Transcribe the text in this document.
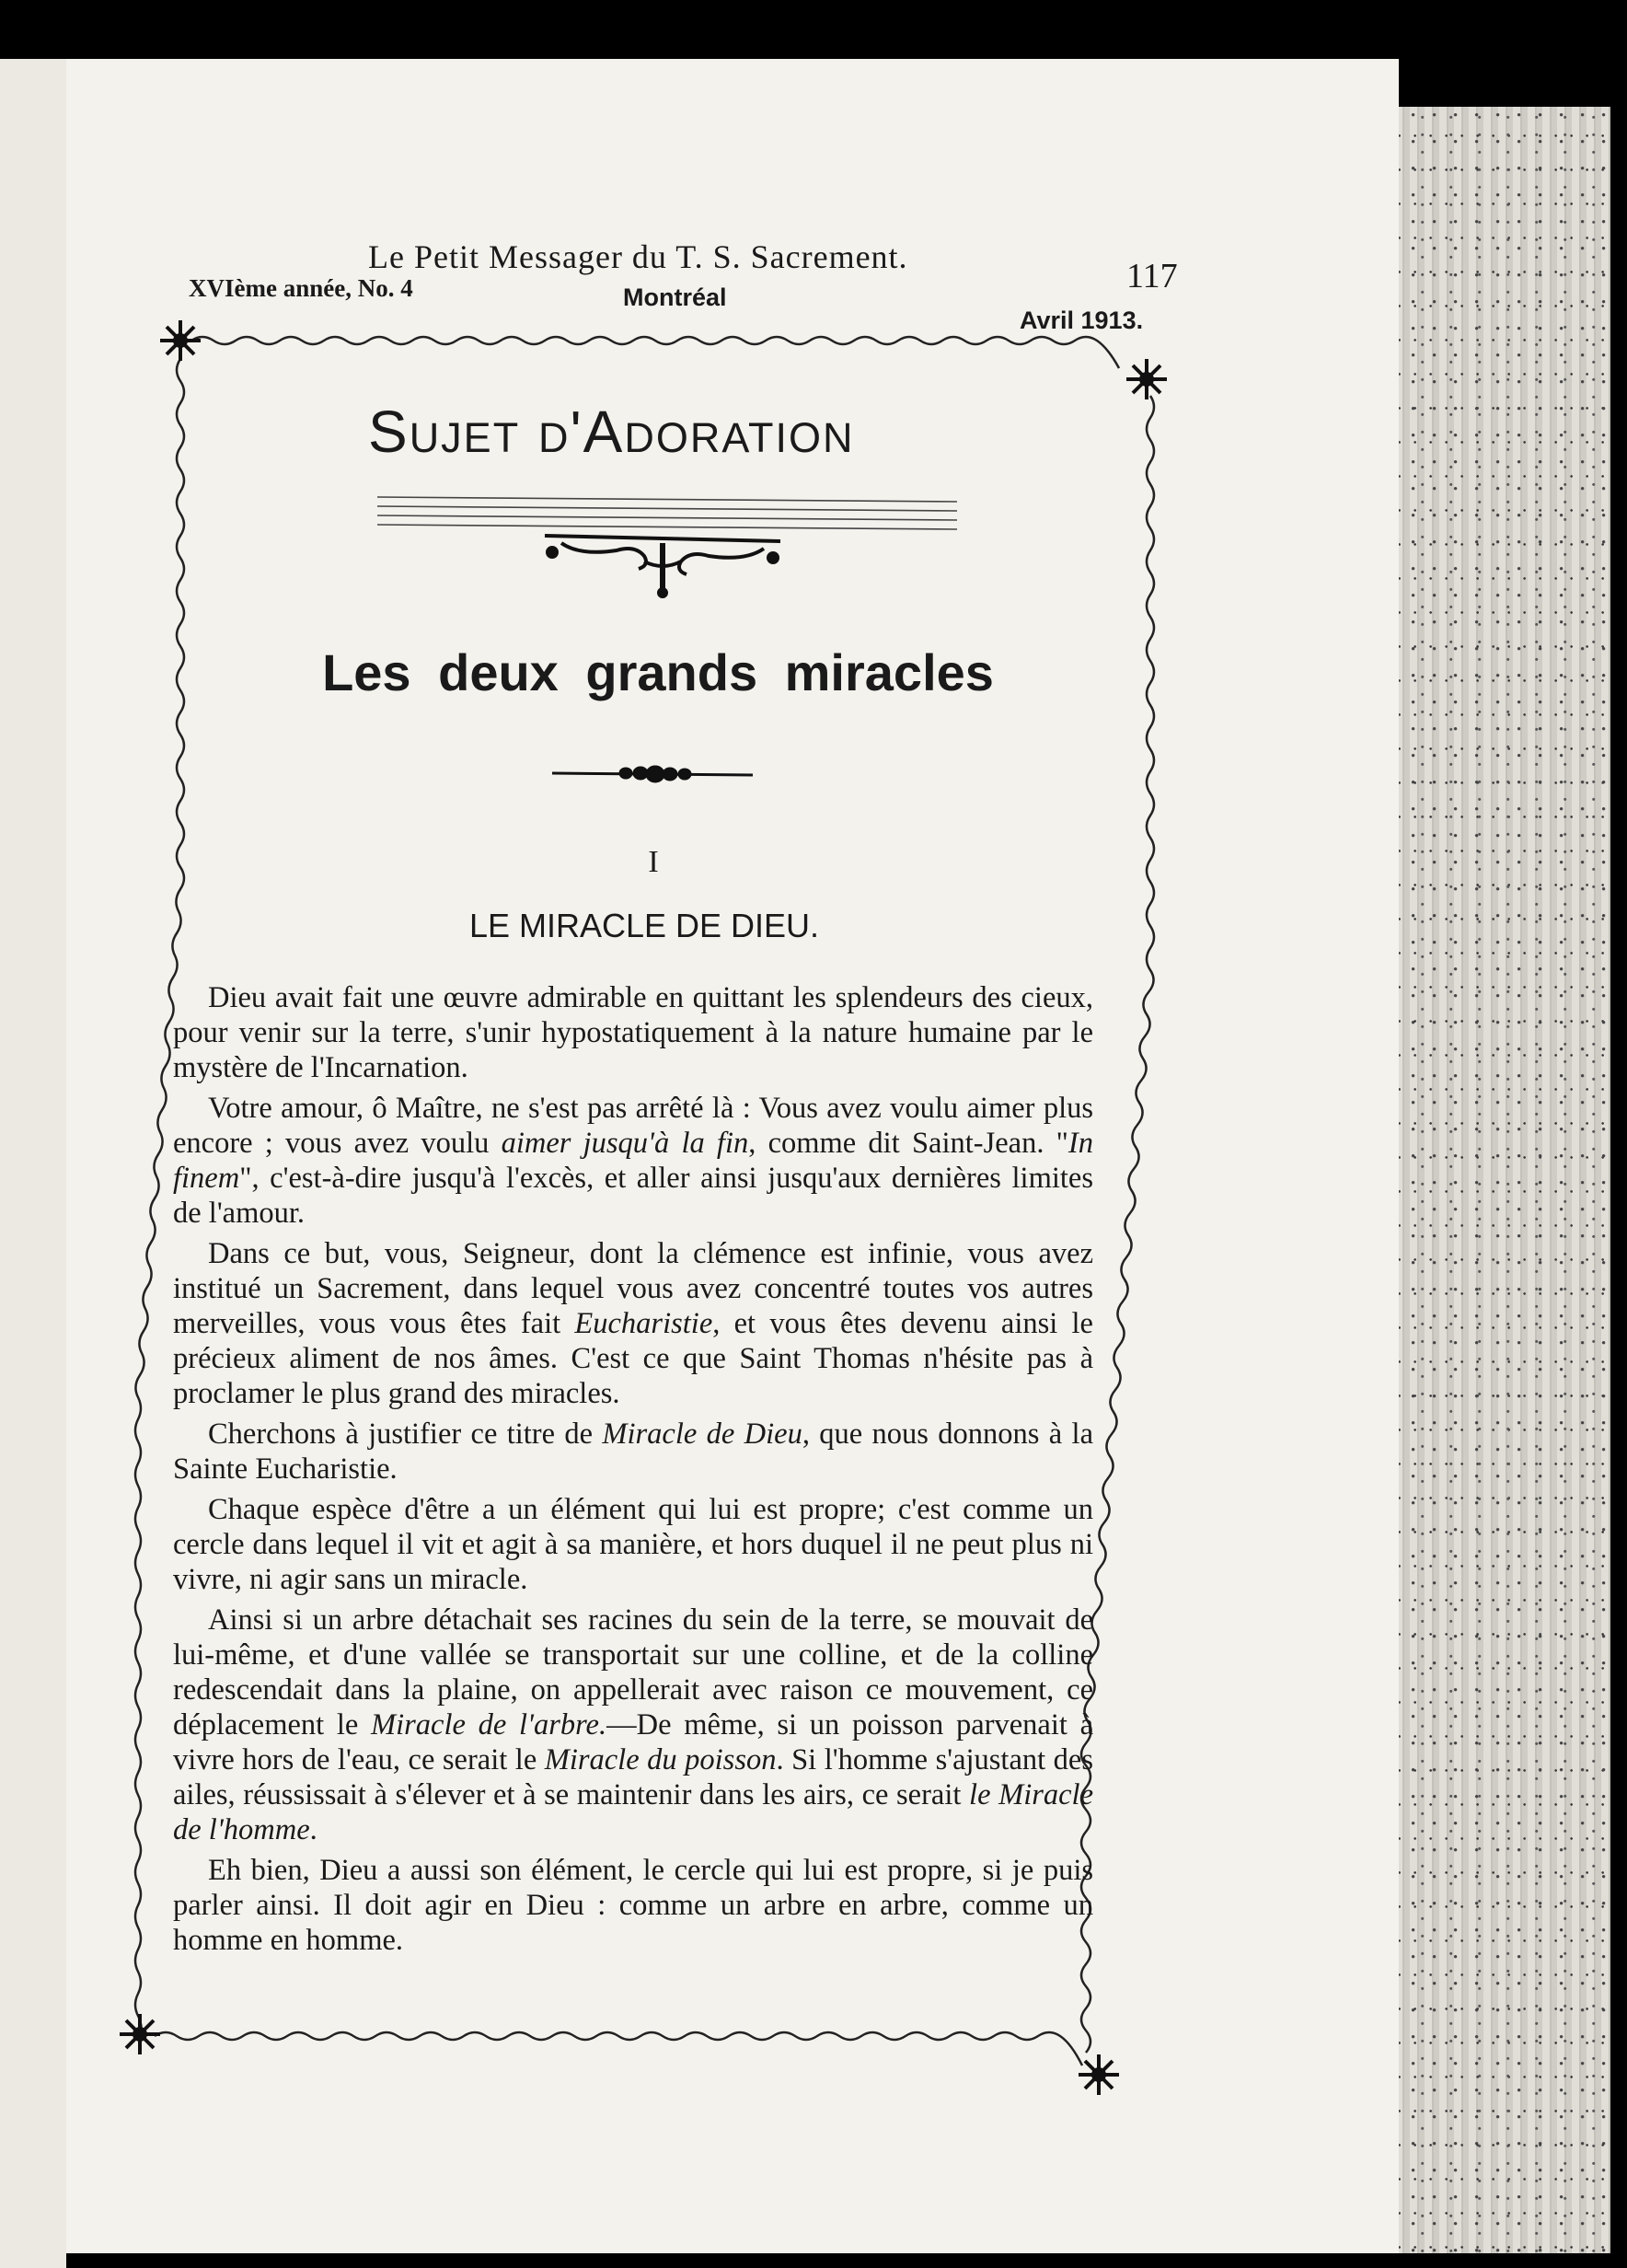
Le Petit Messager du T. S. Sacrement.	117
XVIème année, No. 4	Montréal
Avril 1913.
Sujet d'Adoration
Les deux grands miracles
I
LE MIRACLE DE DIEU.

Dieu avait fait une œuvre admirable en quittant les splendeurs des cieux, pour venir sur la terre, s'unir hypostatiquement à la nature humaine par le mystère de l'Incarnation.

Votre amour, ô Maître, ne s'est pas arrêté là : Vous avez voulu aimer plus encore ; vous avez voulu aimer jusqu'à la fin, comme dit Saint-Jean. "In finem", c'est-à-dire jusqu'à l'excès, et aller ainsi jusqu'aux dernières limites de l'amour.

Dans ce but, vous, Seigneur, dont la clémence est infinie, vous avez institué un Sacrement, dans lequel vous avez concentré toutes vos autres merveilles, vous vous êtes fait Eucharistie, et vous êtes devenu ainsi le précieux aliment de nos âmes. C'est ce que Saint Thomas n'hésite pas à proclamer le plus grand des miracles.

Cherchons à justifier ce titre de Miracle de Dieu, que nous donnons à la Sainte Eucharistie.

Chaque espèce d'être a un élément qui lui est propre; c'est comme un cercle dans lequel il vit et agit à sa manière, et hors duquel il ne peut plus ni vivre, ni agir sans un miracle.

Ainsi si un arbre détachait ses racines du sein de la terre, se mouvait de lui-même, et d'une vallée se transportait sur une colline, et de la colline redescendait dans la plaine, on appellerait avec raison ce mouvement, ce déplacement le Miracle de l'arbre.—De même, si un poisson parvenait à vivre hors de l'eau, ce serait le Miracle du poisson. Si l'homme s'ajustant des ailes, réussissait à s'élever et à se maintenir dans les airs, ce serait le Miracle de l'homme.

Eh bien, Dieu a aussi son élément, le cercle qui lui est propre, si je puis parler ainsi. Il doit agir en Dieu : comme un arbre en arbre, comme un homme en homme.
